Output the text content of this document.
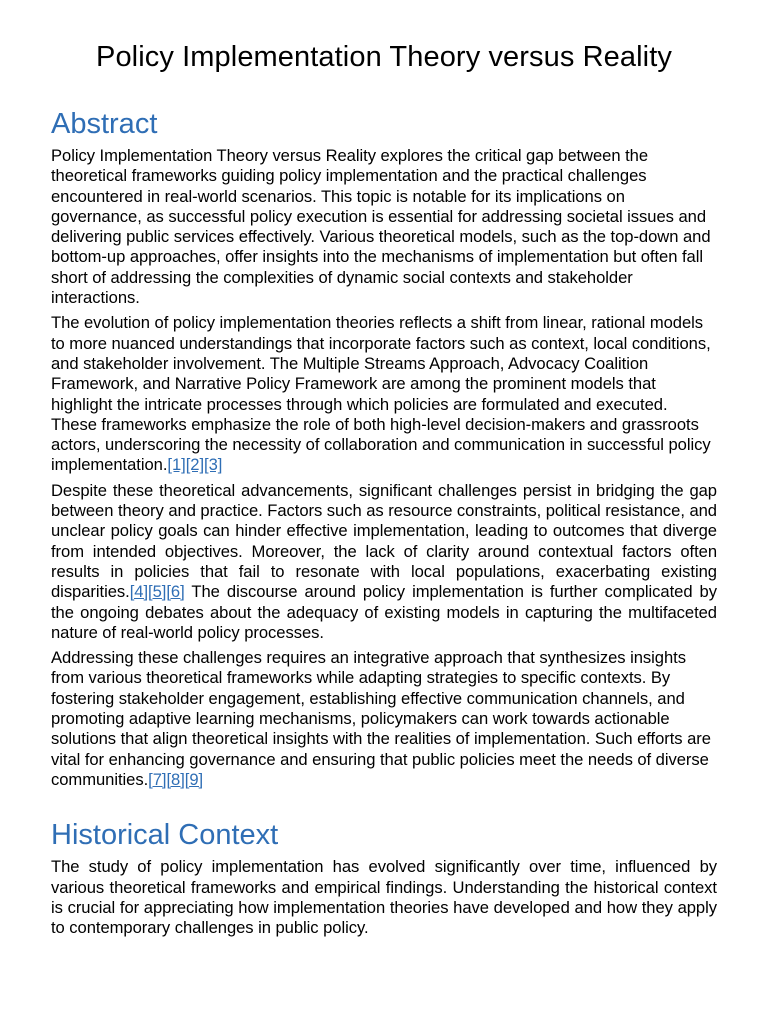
Policy Implementation Theory versus Reality
Abstract

Policy Implementation Theory versus Reality explores the critical gap between the theoretical frameworks guiding policy implementation and the practical challenges encountered in real-world scenarios. This topic is notable for its implications on governance, as successful policy execution is essential for addressing societal issues and delivering public services effectively. Various theoretical models, such as the top-down and bottom-up approaches, offer insights into the mechanisms of implementation but often fall short of addressing the complexities of dynamic social contexts and stakeholder interactions.

The evolution of policy implementation theories reflects a shift from linear, rational models to more nuanced understandings that incorporate factors such as context, local conditions, and stakeholder involvement. The Multiple Streams Approach, Advocacy Coalition Framework, and Narrative Policy Framework are among the prominent models that highlight the intricate processes through which policies are formulated and executed. These frameworks emphasize the role of both high-level decision-makers and grassroots actors, underscoring the necessity of collaboration and communication in successful policy implementation.[1][2][3]

Despite these theoretical advancements, significant challenges persist in bridging the gap between theory and practice. Factors such as resource constraints, political resistance, and unclear policy goals can hinder effective implementation, leading to outcomes that diverge from intended objectives. Moreover, the lack of clarity around contextual factors often results in policies that fail to resonate with local populations, exacerbating existing disparities.[4][5][6] The discourse around policy implementation is further complicated by the ongoing debates about the adequacy of existing models in capturing the multifaceted nature of real-world policy processes.

Addressing these challenges requires an integrative approach that synthesizes insights from various theoretical frameworks while adapting strategies to specific contexts. By fostering stakeholder engagement, establishing effective communication channels, and promoting adaptive learning mechanisms, policymakers can work towards actionable solutions that align theoretical insights with the realities of implementation. Such efforts are vital for enhancing governance and ensuring that public policies meet the needs of diverse communities.[7][8][9]

Historical Context

The study of policy implementation has evolved significantly over time, influenced by various theoretical frameworks and empirical findings. Understanding the historical context is crucial for appreciating how implementation theories have developed and how they apply to contemporary challenges in public policy.
